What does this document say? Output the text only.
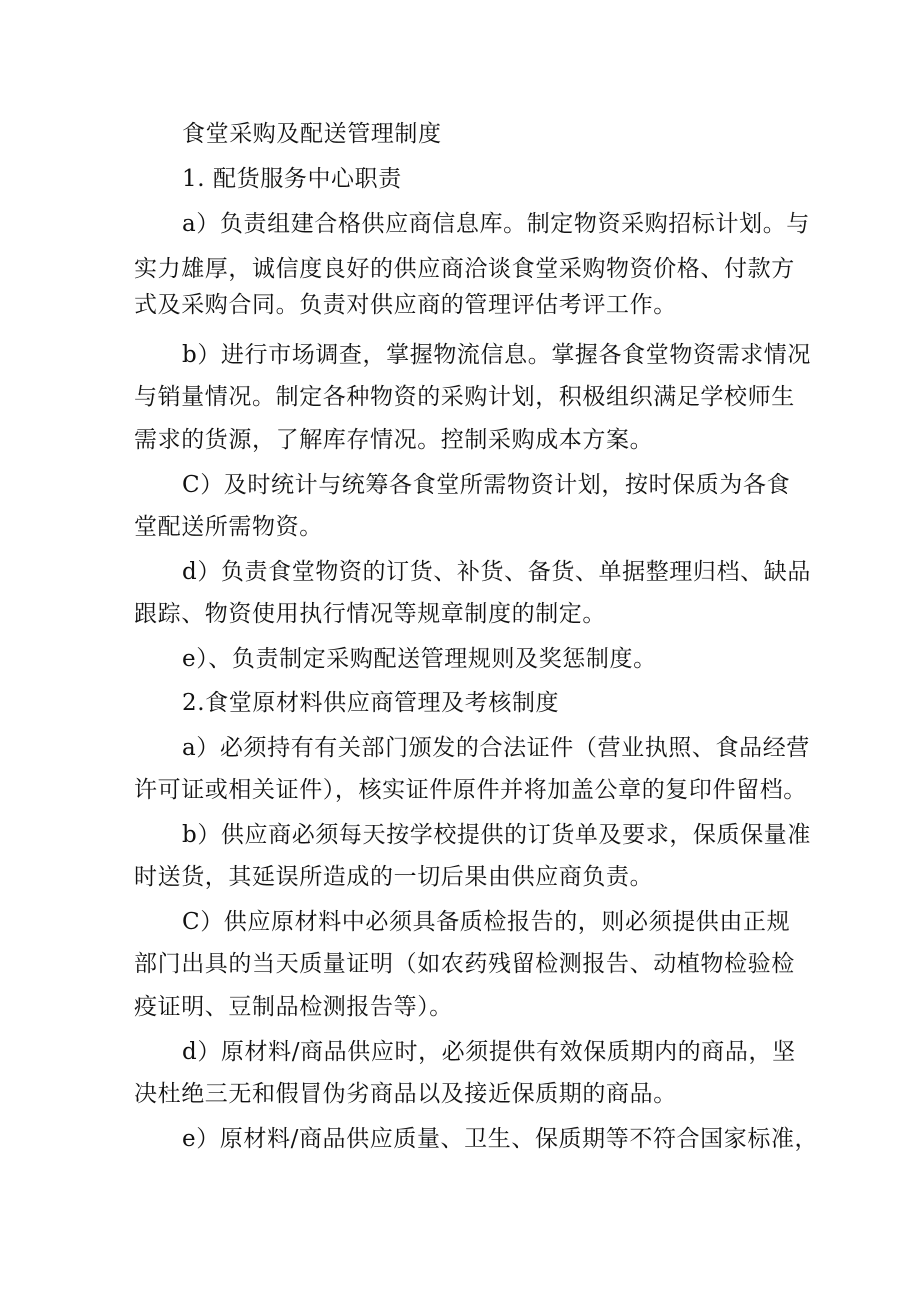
食堂采购及配送管理制度

1. 配货服务中心职责

a）负责组建合格供应商信息库。制定物资采购招标计划。与

实力雄厚，诚信度良好的供应商洽谈食堂采购物资价格、付款方

式及采购合同。负责对供应商的管理评估考评工作。

b）进行市场调查，掌握物流信息。掌握各食堂物资需求情况

与销量情况。制定各种物资的采购计划，积极组织满足学校师生

需求的货源，了解库存情况。控制采购成本方案。

C）及时统计与统筹各食堂所需物资计划，按时保质为各食

堂配送所需物资。

d）负责食堂物资的订货、补货、备货、单据整理归档、缺品

跟踪、物资使用执行情况等规章制度的制定。

e）、负责制定采购配送管理规则及奖惩制度。

2.食堂原材料供应商管理及考核制度

a）必须持有有关部门颁发的合法证件（营业执照、食品经营

许可证或相关证件），核实证件原件并将加盖公章的复印件留档。

b）供应商必须每天按学校提供的订货单及要求，保质保量准

时送货，其延误所造成的一切后果由供应商负责。

C）供应原材料中必须具备质检报告的，则必须提供由正规

部门出具的当天质量证明（如农药残留检测报告、动植物检验检

疫证明、豆制品检测报告等）。

d）原材料/商品供应时，必须提供有效保质期内的商品，坚

决杜绝三无和假冒伪劣商品以及接近保质期的商品。

e）原材料/商品供应质量、卫生、保质期等不符合国家标准，
